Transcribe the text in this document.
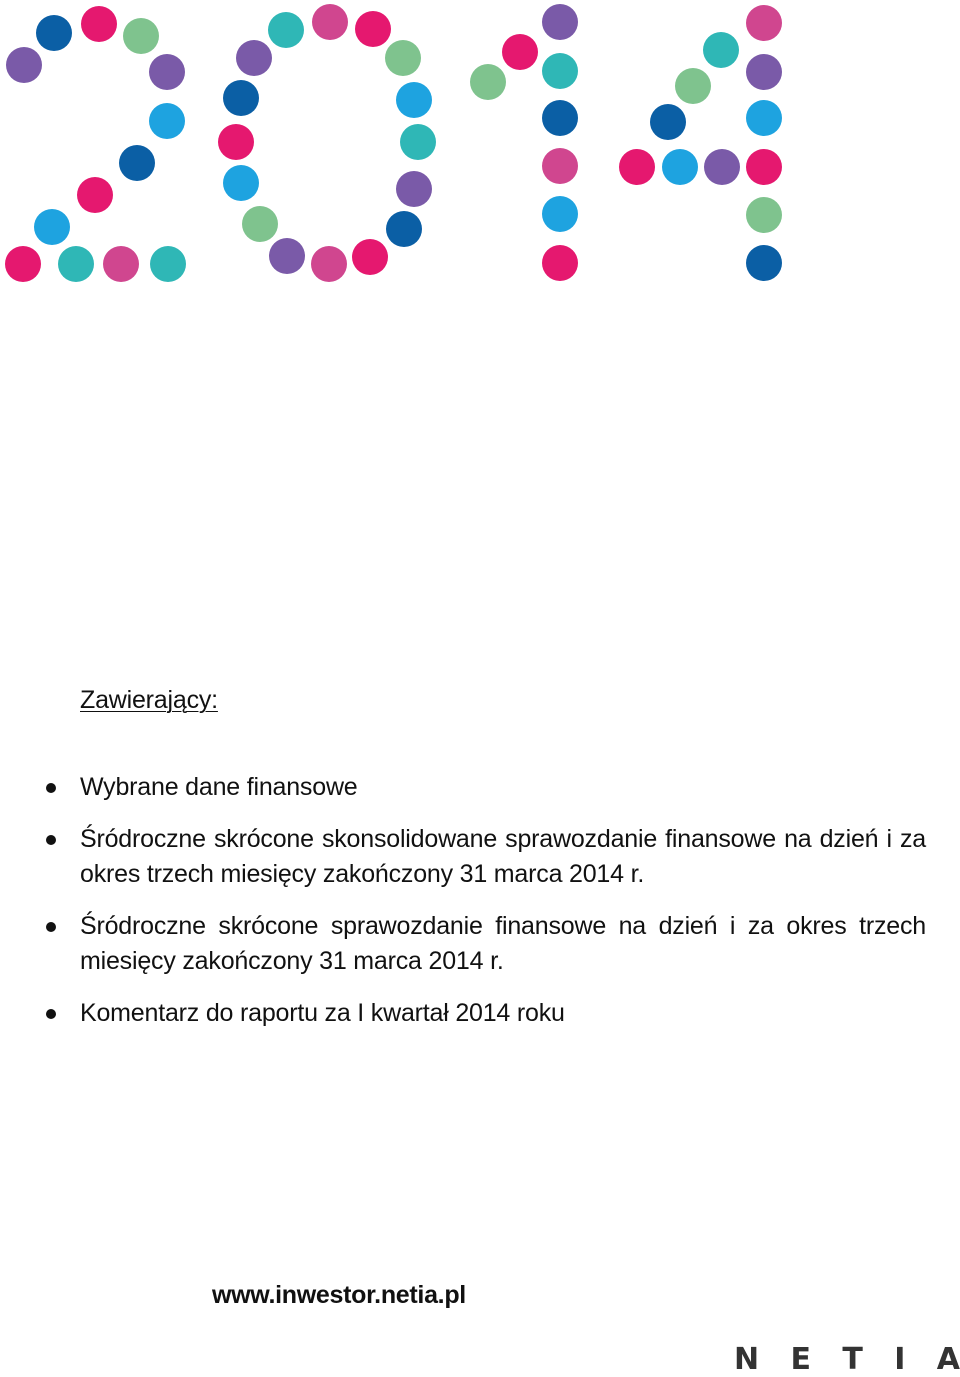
Zawierający:
Wybrane dane finansowe
Śródroczne skrócone skonsolidowane sprawozdanie finansowe na dzień i za okres trzech miesięcy zakończony 31 marca 2014 r.
Śródroczne skrócone sprawozdanie finansowe na dzień i za okres trzech miesięcy zakończony 31 marca 2014 r.
Komentarz do raportu za I kwartał 2014 roku
www.inwestor.netia.pl
N E T I A
